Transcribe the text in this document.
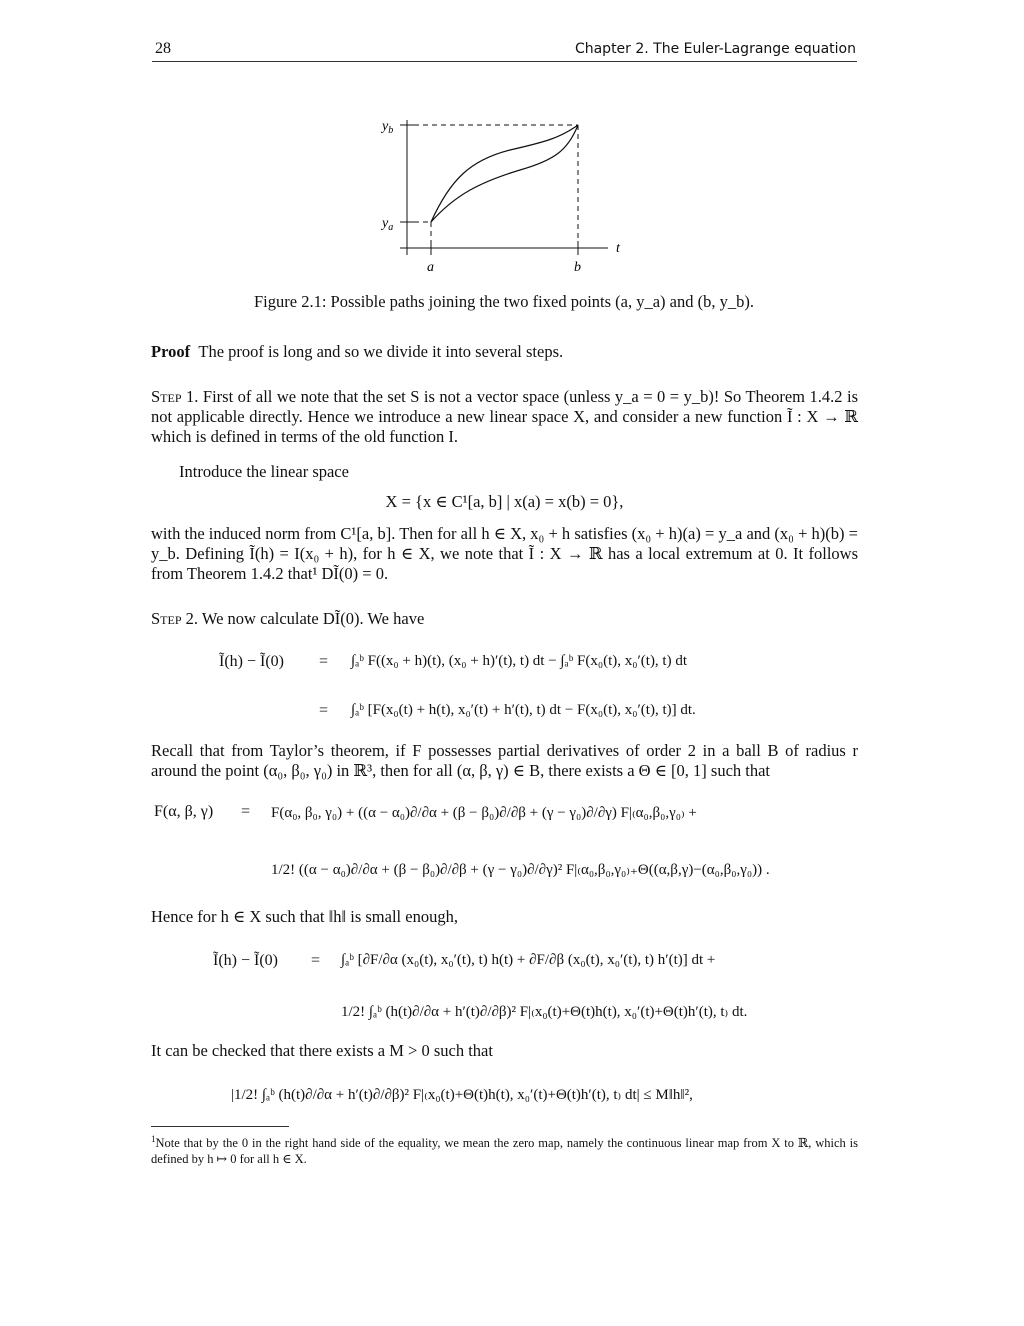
28	Chapter 2. The Euler-Lagrange equation
$y_b$
$y_a$
t
a	b
Figure 2.1: Possible paths joining the two fixed points (a, y_a) and (b, y_b).
Proof The proof is long and so we divide it into several steps.
Step 1. First of all we note that the set S is not a vector space (unless y_a = 0 = y_b)! So Theorem 1.4.2 is not applicable directly. Hence we introduce a new linear space X, and consider a new function Ĩ : X → ℝ which is defined in terms of the old function I.
Introduce the linear space
X = {x ∈ C¹[a, b] | x(a) = x(b) = 0},
with the induced norm from C¹[a, b]. Then for all h ∈ X, x₀ + h satisfies (x₀ + h)(a) = y_a and (x₀ + h)(b) = y_b. Defining Ĩ(h) = I(x₀ + h), for h ∈ X, we note that Ĩ : X → ℝ has a local extremum at 0. It follows from Theorem 1.4.2 that¹ DĨ(0) = 0.
Step 2. We now calculate DĨ(0). We have
Ĩ(h) − Ĩ(0) = ∫ₐᵇ F((x₀ + h)(t), (x₀ + h)′(t), t) dt − ∫ₐᵇ F(x₀(t), x₀′(t), t) dt
= ∫ₐᵇ [F(x₀(t) + h(t), x₀′(t) + h′(t), t) dt − F(x₀(t), x₀′(t), t)] dt.
Recall that from Taylor’s theorem, if F possesses partial derivatives of order 2 in a ball B of radius r around the point (α₀, β₀, γ₀) in ℝ³, then for all (α, β, γ) ∈ B, there exists a Θ ∈ [0, 1] such that
F(α, β, γ) = F(α₀, β₀, γ₀) + ((α − α₀)∂/∂α + (β − β₀)∂/∂β + (γ − γ₀)∂/∂γ) F|₍α₀,β₀,γ₀₎ +
1/2! ((α − α₀)∂/∂α + (β − β₀)∂/∂β + (γ − γ₀)∂/∂γ)² F|₍α₀,β₀,γ₀₎₊Θ((α,β,γ)−(α₀,β₀,γ₀)) .
Hence for h ∈ X such that ‖h‖ is small enough,
Ĩ(h) − Ĩ(0) = ∫ₐᵇ [∂F/∂α (x₀(t), x₀′(t), t) h(t) + ∂F/∂β (x₀(t), x₀′(t), t) h′(t)] dt +
1/2! ∫ₐᵇ (h(t)∂/∂α + h′(t)∂/∂β)² F|₍x₀(t)+Θ(t)h(t), x₀′(t)+Θ(t)h′(t), t₎ dt.
It can be checked that there exists a M > 0 such that
|1/2! ∫ₐᵇ (h(t)∂/∂α + h′(t)∂/∂β)² F|₍x₀(t)+Θ(t)h(t), x₀′(t)+Θ(t)h′(t), t₎ dt| ≤ M‖h‖²,
$^1$Note that by the 0 in the right hand side of the equality, we mean the zero map, namely the continuous linear map from X to ℝ, which is defined by h ↦ 0 for all h ∈ X.
